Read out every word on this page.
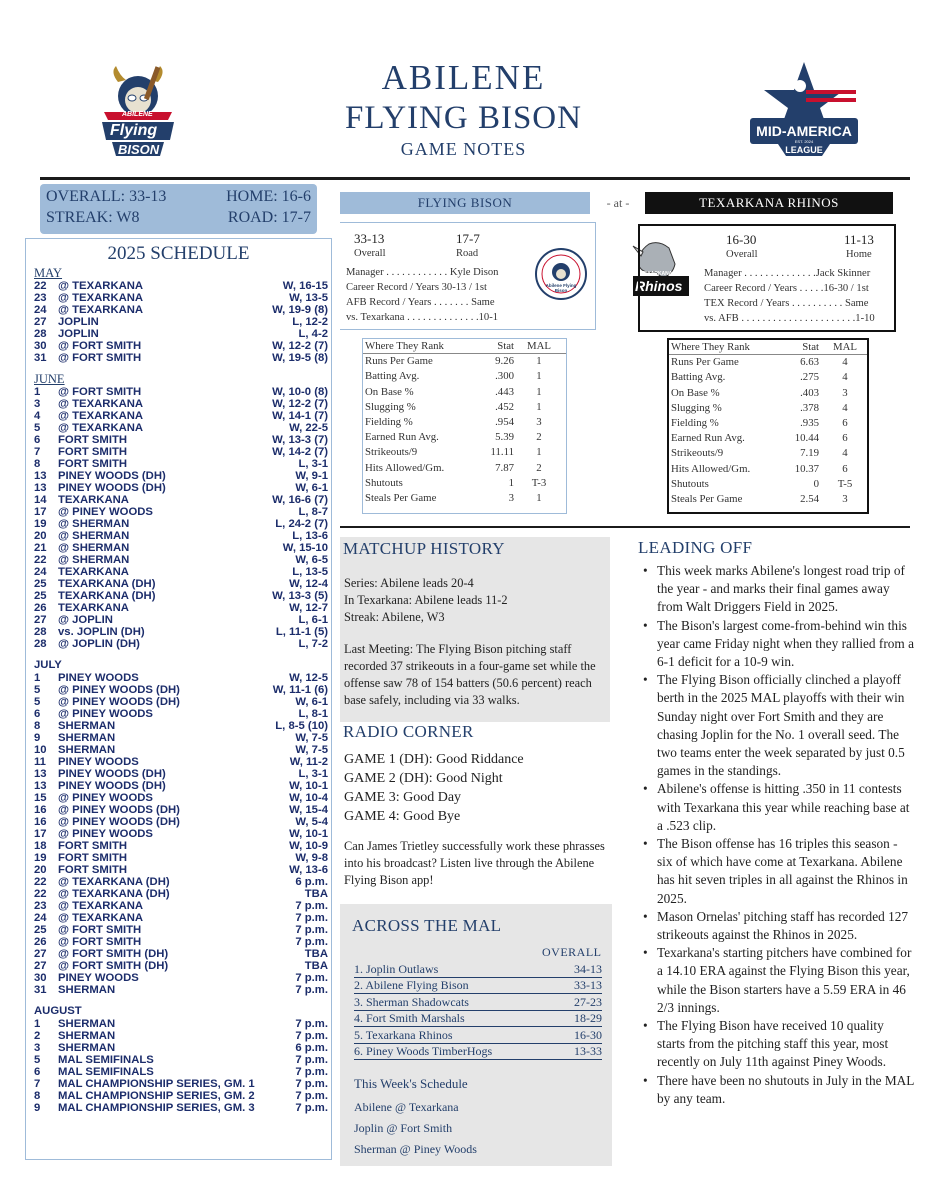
ABILENE
Flying
BISON
ABILENE
FLYING BISON
GAME NOTES
MID-AMERICA
EST. 2024
LEAGUE
OVERALL: 33-13	HOME: 16-6
STREAK: W8	ROAD: 17-7
2025 SCHEDULE
MAY
22	@ TEXARKANA	W, 16-15
23	@ TEXARKANA	W, 13-5
24	@ TEXARKANA	W, 19-9 (8)
27	JOPLIN	L, 12-2
28	JOPLIN	L, 4-2
30	@ FORT SMITH	W, 12-2 (7)
31	@ FORT SMITH	W, 19-5 (8)
JUNE
1	@ FORT SMITH	W, 10-0 (8)
3	@ TEXARKANA	W, 12-2 (7)
4	@ TEXARKANA	W, 14-1 (7)
5	@ TEXARKANA	W, 22-5
6	FORT SMITH	W, 13-3 (7)
7	FORT SMITH	W, 14-2 (7)
8	FORT SMITH	L, 3-1
13	PINEY WOODS (DH)	W, 9-1
13	PINEY WOODS (DH)	W, 6-1
14	TEXARKANA	W, 16-6 (7)
17	@ PINEY WOODS	L, 8-7
19	@ SHERMAN	L, 24-2 (7)
20	@ SHERMAN	L, 13-6
21	@ SHERMAN	W, 15-10
22	@ SHERMAN	W, 6-5
24	TEXARKANA	L, 13-5
25	TEXARKANA (DH)	W, 12-4
25	TEXARKANA (DH)	W, 13-3 (5)
26	TEXARKANA	W, 12-7
27	@ JOPLIN	L, 6-1
28	vs. JOPLIN (DH)	L, 11-1 (5)
28	@ JOPLIN (DH)	L, 7-2
JULY
1	PINEY WOODS	W, 12-5
5	@ PINEY WOODS (DH)	W, 11-1 (6)
5	@ PINEY WOODS (DH)	W, 6-1
6	@ PINEY WOODS	L, 8-1
8	SHERMAN	L, 8-5 (10)
9	SHERMAN	W, 7-5
10	SHERMAN	W, 7-5
11	PINEY WOODS	W, 11-2
13	PINEY WOODS (DH)	L, 3-1
13	PINEY WOODS (DH)	W, 10-1
15	@ PINEY WOODS	W, 10-4
16	@ PINEY WOODS (DH)	W, 15-4
16	@ PINEY WOODS (DH)	W, 5-4
17	@ PINEY WOODS	W, 10-1
18	FORT SMITH	W, 10-9
19	FORT SMITH	W, 9-8
20	FORT SMITH	W, 13-6
22	@ TEXARKANA (DH)	6 p.m.
22	@ TEXARKANA (DH)	TBA
23	@ TEXARKANA	7 p.m.
24	@ TEXARKANA	7 p.m.
25	@ FORT SMITH	7 p.m.
26	@ FORT SMITH	7 p.m.
27	@ FORT SMITH (DH)	TBA
27	@ FORT SMITH (DH)	TBA
30	PINEY WOODS	7 p.m.
31	SHERMAN	7 p.m.
AUGUST
1	SHERMAN	7 p.m.
2	SHERMAN	7 p.m.
3	SHERMAN	6 p.m.
5	MAL SEMIFINALS	7 p.m.
6	MAL SEMIFINALS	7 p.m.
7	MAL CHAMPIONSHIP SERIES, GM. 1	7 p.m.
8	MAL CHAMPIONSHIP SERIES, GM. 2	7 p.m.
9	MAL CHAMPIONSHIP SERIES, GM. 3	7 p.m.
FLYING BISON	- at -	TEXARKANA RHINOS
33-13
Overall
17-7
Road
Manager . . . . . . . . . . . . Kyle Dison
Career Record / Years 30-13 / 1st
AFB Record / Years . . . . . . . Same
vs. Texarkana . . . . . . . . . . . . . .10-1
Abilene Flying Bison
TEXARKANA
Rhinos
16-30
Overall
11-13
Home
Manager . . . . . . . . . . . . . .Jack Skinner
Career Record / Years . . . . .16-30 / 1st
TEX Record / Years . . . . . . . . . . Same
vs. AFB . . . . . . . . . . . . . . . . . . . . . .1-10
Where They Rank	Stat MAL
Runs Per Game	9.26	1
Batting Avg.	.300	1
On Base %	.443	1
Slugging %	.452	1
Fielding %	.954	3
Earned Run Avg.	5.39	2
Strikeouts/9	11.11	1
Hits Allowed/Gm.	7.87	2
Shutouts	1	T-3
Steals Per Game	3	1
Where They Rank	Stat MAL
Runs Per Game	6.63	4
Batting Avg.	.275	4
On Base %	.403	3
Slugging %	.378	4
Fielding %	.935	6
Earned Run Avg.	10.44	6
Strikeouts/9	7.19	4
Hits Allowed/Gm.	10.37	6
Shutouts	0	T-5
Steals Per Game	2.54	3
MATCHUP HISTORY
Series: Abilene leads 20-4
In Texarkana: Abilene leads 11-2
Streak: Abilene, W3
Last Meeting: The Flying Bison pitching staff recorded 37 strikeouts in a four-game set while the offense saw 78 of 154 batters (50.6 percent) reach base safely, including via 33 walks.
RADIO CORNER
GAME 1 (DH): Good Riddance
GAME 2 (DH): Good Night
GAME 3: Good Day
GAME 4: Good Bye
Can James Trietley successfully work these phrasses into his broadcast? Listen live through the Abilene Flying Bison app!
ACROSS THE MAL
OVERALL
1. Joplin Outlaws	34-13
2. Abilene Flying Bison	33-13
3. Sherman Shadowcats	27-23
4. Fort Smith Marshals	18-29
5. Texarkana Rhinos	16-30
6. Piney Woods TimberHogs	13-33
This Week's Schedule
Abilene @ Texarkana
Joplin @ Fort Smith
Sherman @ Piney Woods
LEADING OFF
• This week marks Abilene's longest road trip of the year - and marks their final games away from Walt Driggers Field in 2025.
• The Bison's largest come-from-behind win this year came Friday night when they rallied from a 6-1 deficit for a 10-9 win.
• The Flying Bison officially clinched a playoff berth in the 2025 MAL playoffs with their win Sunday night over Fort Smith and they are chasing Joplin for the No. 1 overall seed. The two teams enter the week separated by just 0.5 games in the standings.
• Abilene's offense is hitting .350 in 11 contests with Texarkana this year while reaching base at a .523 clip.
• The Bison offense has 16 triples this season - six of which have come at Texarkana. Abilene has hit seven triples in all against the Rhinos in 2025.
• Mason Ornelas' pitching staff has recorded 127 strikeouts against the Rhinos in 2025.
• Texarkana's starting pitchers have combined for a 14.10 ERA against the Flying Bison this year, while the Bison starters have a 5.59 ERA in 46 2/3 innings.
• The Flying Bison have received 10 quality starts from the pitching staff this year, most recently on July 11th against Piney Woods.
• There have been no shutouts in July in the MAL by any team.
